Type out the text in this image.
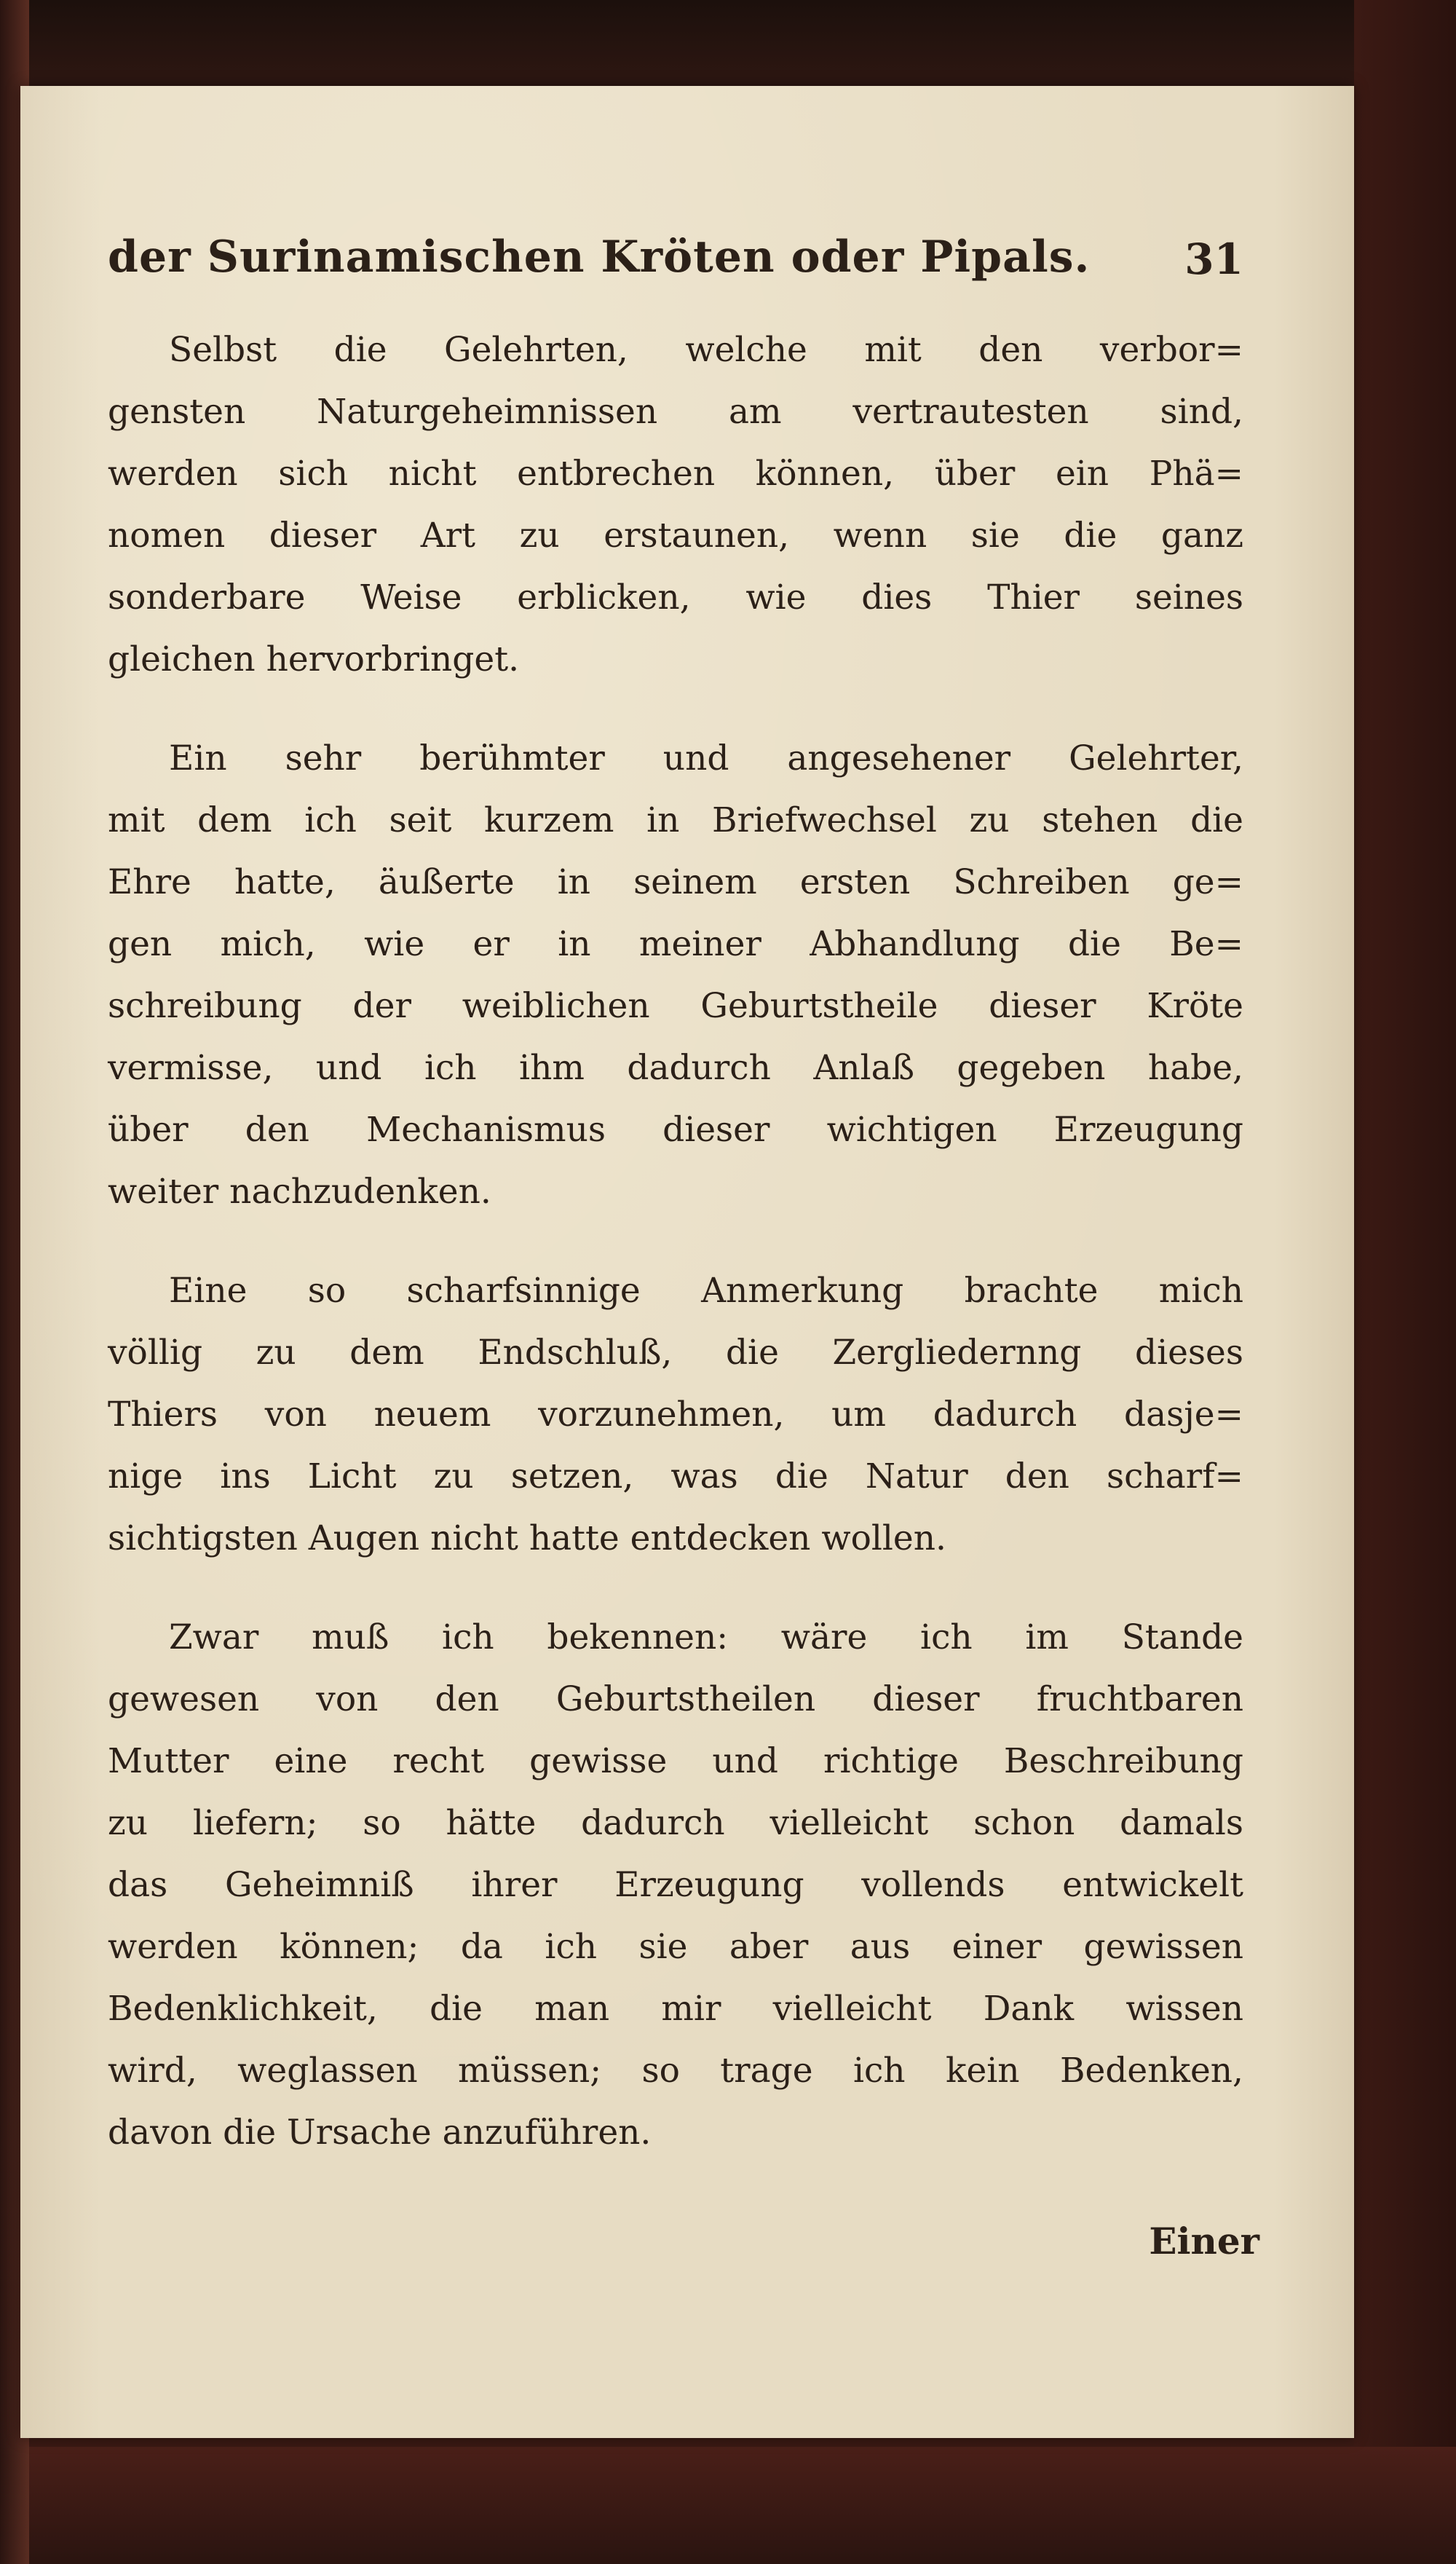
der Surinamischen Kröten oder Pipals. 31

Selbst die Gelehrten, welche mit den verbor=
gensten Naturgeheimnissen am vertrautesten sind,
werden sich nicht entbrechen können, über ein Phä=
nomen dieser Art zu erstaunen, wenn sie die ganz
sonderbare Weise erblicken, wie dies Thier seines
gleichen hervorbringet.

Ein sehr berühmter und angesehener Gelehrter,
mit dem ich seit kurzem in Briefwechsel zu stehen die
Ehre hatte, äußerte in seinem ersten Schreiben ge=
gen mich, wie er in meiner Abhandlung die Be=
schreibung der weiblichen Geburtstheile dieser Kröte
vermisse, und ich ihm dadurch Anlaß gegeben habe,
über den Mechanismus dieser wichtigen Erzeugung
weiter nachzudenken.

Eine so scharfsinnige Anmerkung brachte mich
völlig zu dem Endschluß, die Zergliedernng dieses
Thiers von neuem vorzunehmen, um dadurch dasje=
nige ins Licht zu setzen, was die Natur den scharf=
sichtigsten Augen nicht hatte entdecken wollen.

Zwar muß ich bekennen: wäre ich im Stande
gewesen von den Geburtstheilen dieser fruchtbaren
Mutter eine recht gewisse und richtige Beschreibung
zu liefern; so hätte dadurch vielleicht schon damals
das Geheimniß ihrer Erzeugung vollends entwickelt
werden können; da ich sie aber aus einer gewissen
Bedenklichkeit, die man mir vielleicht Dank wissen
wird, weglassen müssen; so trage ich kein Bedenken,
davon die Ursache anzuführen.

Einer
